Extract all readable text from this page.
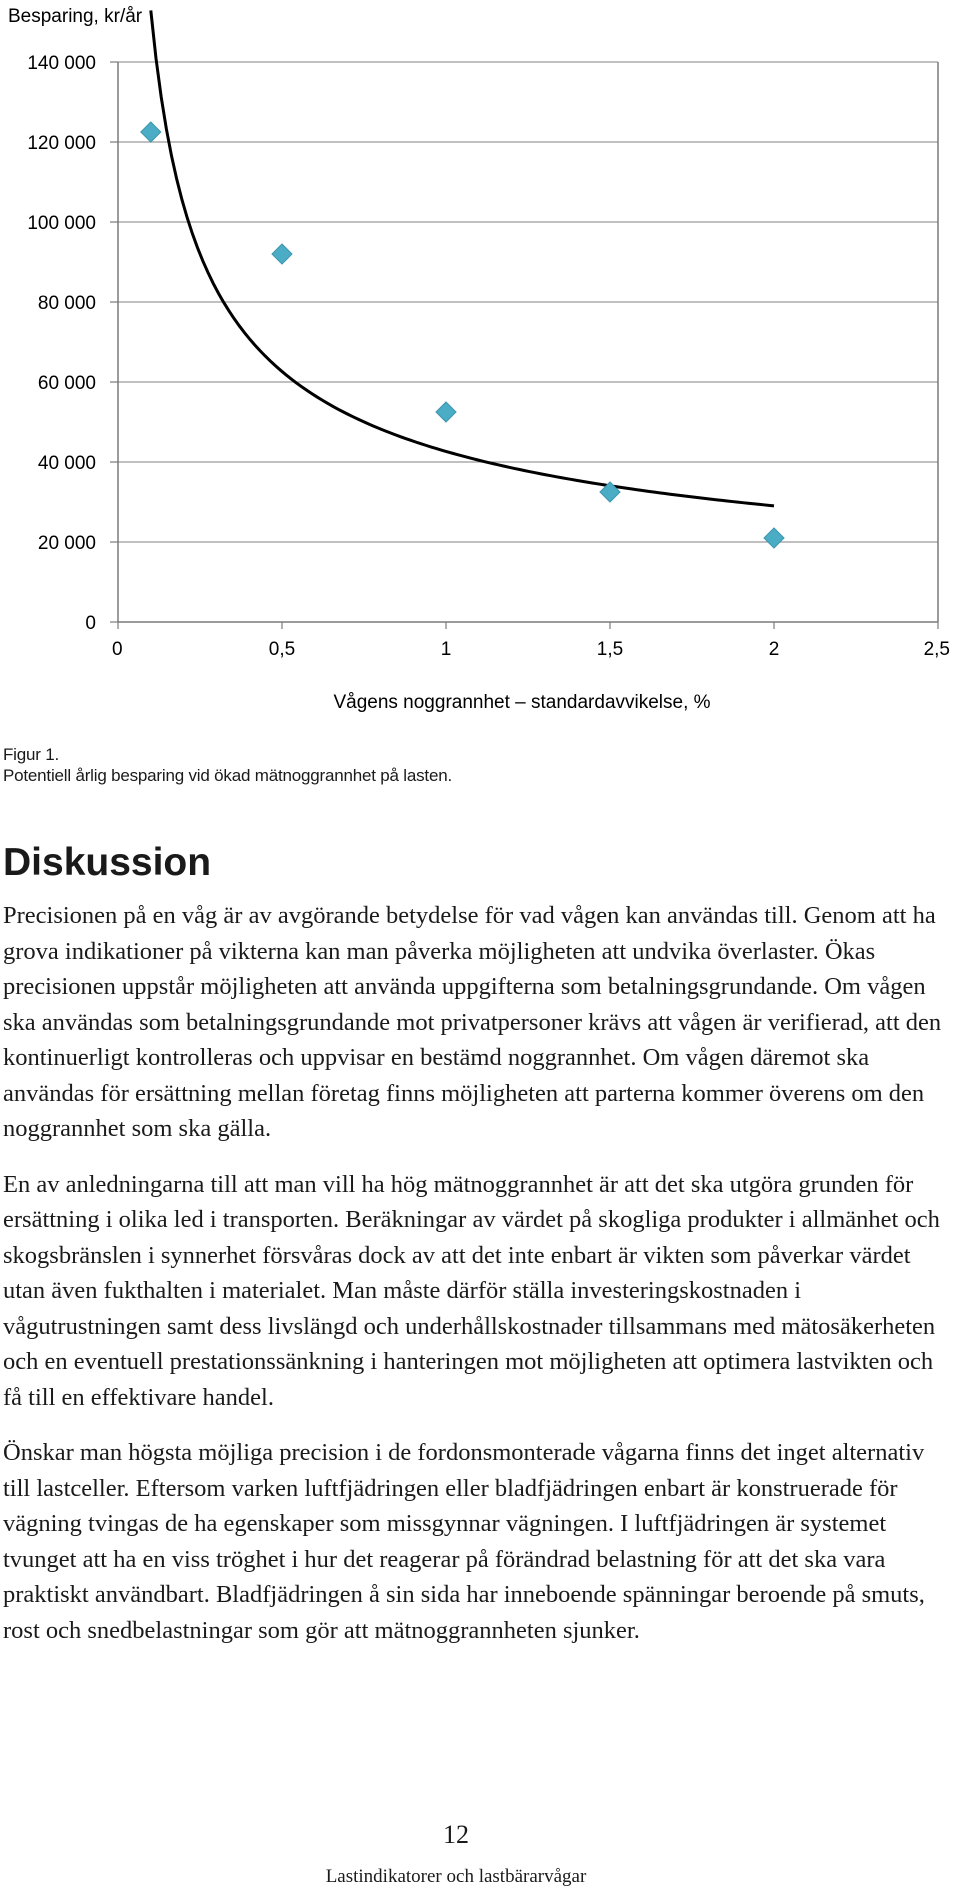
0
20 000
40 000
60 000
80 000
100 000
120 000
140 000
0	0,5	1	1,5	2	2,5
Besparing, kr/år
Vågens noggrannhet – standardavvikelse, %
Figur 1.
Potentiell årlig besparing vid ökad mätnoggrannhet på lasten.
Diskussion

Precisionen på en våg är av avgörande betydelse för vad vågen kan användas till. Genom att ha grova indikationer på vikterna kan man påverka möjligheten att undvika överlaster. Ökas precisionen uppstår möjligheten att använda uppgifterna som betalningsgrundande. Om vågen ska användas som betalningsgrundande mot privatpersoner krävs att vågen är verifierad, att den kontinuerligt kontrolleras och uppvisar en bestämd noggrannhet. Om vågen däremot ska användas för ersättning mellan företag finns möjligheten att parterna kommer överens om den noggrannhet som ska gälla.

En av anledningarna till att man vill ha hög mätnoggrannhet är att det ska utgöra grunden för ersättning i olika led i transporten. Beräkningar av värdet på skogliga produkter i allmänhet och skogsbränslen i synnerhet försvåras dock av att det inte enbart är vikten som påverkar värdet utan även fukthalten i materialet. Man måste därför ställa investeringskostnaden i vågutrustningen samt dess livslängd och underhållskostnader tillsammans med mätosäkerheten och en eventuell prestationssänkning i hanteringen mot möjligheten att optimera lastvikten och få till en effektivare handel.

Önskar man högsta möjliga precision i de fordonsmonterade vågarna finns det inget alternativ till lastceller. Eftersom varken luftfjädringen eller bladfjädringen enbart är konstruerade för vägning tvingas de ha egenskaper som missgynnar vägningen. I luftfjädringen är systemet tvunget att ha en viss tröghet i hur det reagerar på förändrad belastning för att det ska vara praktiskt användbart. Bladfjädringen å sin sida har inneboende spänningar beroende på smuts, rost och snedbelastningar som gör att mätnoggrannheten sjunker.

12
Lastindikatorer och lastbärarvågar
